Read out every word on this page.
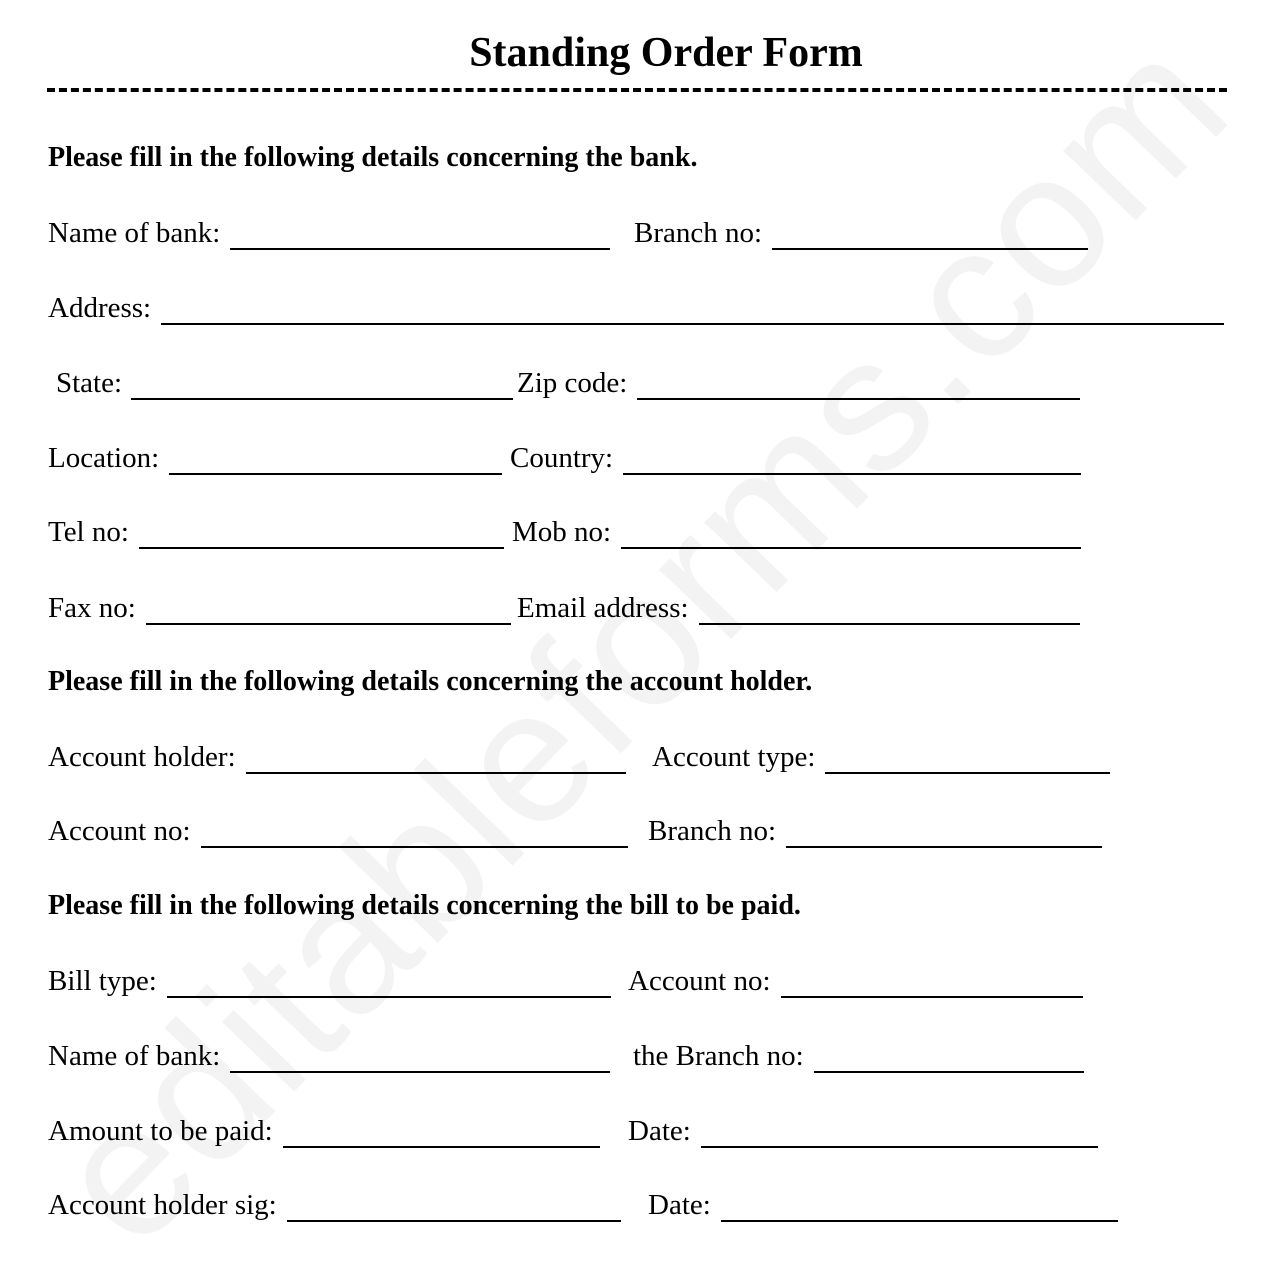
Standing Order Form
Please fill in the following details concerning the bank.
Name of bank:	Branch no:
Address:
State:	Zip code:
Location:	Country:
Tel no:	Mob no:
Fax no:	Email address:
Please fill in the following details concerning the account holder.
Account holder:	Account type:
Account no:	Branch no:
Please fill in the following details concerning the bill to be paid.
Bill type:	Account no:
Name of bank:	the Branch no:
Amount to be paid:	Date:
Account holder sig:	Date:
